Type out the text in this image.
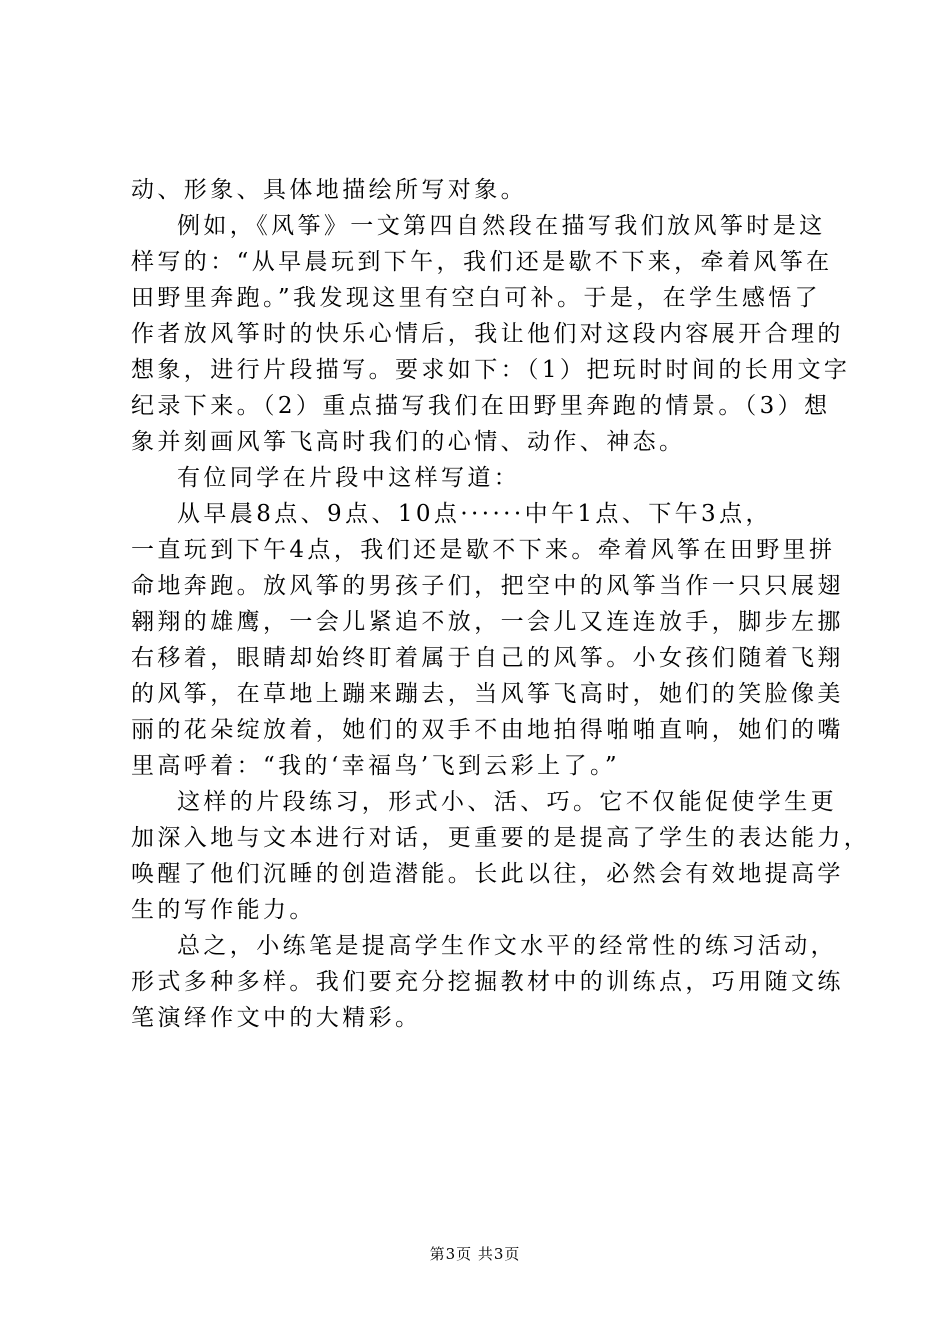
动、形象、具体地描绘所写对象。
例如，《风筝》一文第四自然段在描写我们放风筝时是这
样写的：“从早晨玩到下午，我们还是歇不下来，牵着风筝在
田野里奔跑。”我发现这里有空白可补。于是，在学生感悟了
作者放风筝时的快乐心情后，我让他们对这段内容展开合理的
想象，进行片段描写。要求如下：（1）把玩时时间的长用文字
纪录下来。（2）重点描写我们在田野里奔跑的情景。（3）想
象并刻画风筝飞高时我们的心情、动作、神态。
有位同学在片段中这样写道：
从早晨8点、9点、10点······中午1点、下午3点，
一直玩到下午4点，我们还是歇不下来。牵着风筝在田野里拼
命地奔跑。放风筝的男孩子们，把空中的风筝当作一只只展翅
翱翔的雄鹰，一会儿紧追不放，一会儿又连连放手，脚步左挪
右移着，眼睛却始终盯着属于自己的风筝。小女孩们随着飞翔
的风筝，在草地上蹦来蹦去，当风筝飞高时，她们的笑脸像美
丽的花朵绽放着，她们的双手不由地拍得啪啪直响，她们的嘴
里高呼着：“我的‘幸福鸟’飞到云彩上了。”
这样的片段练习，形式小、活、巧。它不仅能促使学生更
加深入地与文本进行对话，更重要的是提高了学生的表达能力，
唤醒了他们沉睡的创造潜能。长此以往，必然会有效地提高学
生的写作能力。
总之，小练笔是提高学生作文水平的经常性的练习活动，
形式多种多样。我们要充分挖掘教材中的训练点，巧用随文练
笔演绎作文中的大精彩。
第3页 共3页
